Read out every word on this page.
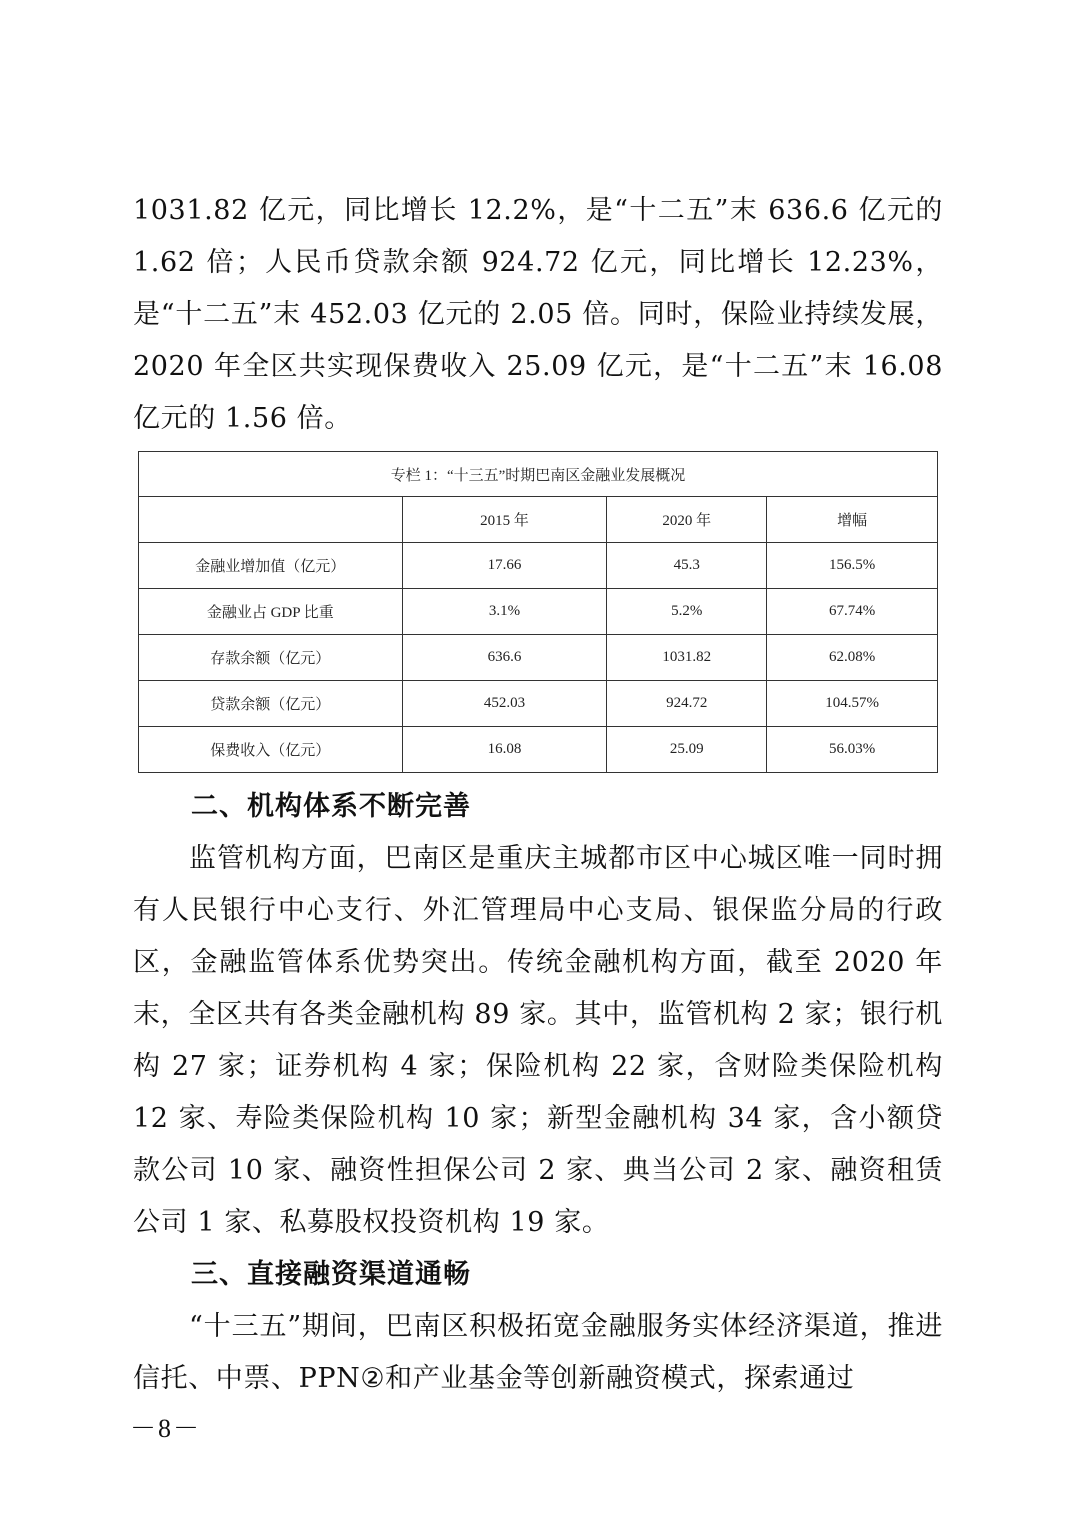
1031.82 亿元，同比增长 12.2%，是“十二五”末 636.6 亿元的 1.62 倍；人民币贷款余额 924.72 亿元，同比增长 12.23%，是“十二五”末 452.03 亿元的 2.05 倍。同时，保险业持续发展，2020 年全区共实现保费收入 25.09 亿元，是“十二五”末 16.08 亿元的 1.56 倍。

专栏 1：“十三五”时期巴南区金融业发展概况			
	2015 年	2020 年	增幅
金融业增加值（亿元）	17.66	45.3	156.5%
金融业占 GDP 比重	3.1%	5.2%	67.74%
存款余额（亿元）	636.6	1031.82	62.08%
贷款余额（亿元）	452.03	924.72	104.57%
保费收入（亿元）	16.08	25.09	56.03%
二、机构体系不断完善

监管机构方面，巴南区是重庆主城都市区中心城区唯一同时拥有人民银行中心支行、外汇管理局中心支局、银保监分局的行政区，金融监管体系优势突出。传统金融机构方面，截至 2020 年末，全区共有各类金融机构 89 家。其中，监管机构 2 家；银行机构 27 家；证券机构 4 家；保险机构 22 家，含财险类保险机构 12 家、寿险类保险机构 10 家；新型金融机构 34 家，含小额贷款公司 10 家、融资性担保公司 2 家、典当公司 2 家、融资租赁公司 1 家、私募股权投资机构 19 家。

三、直接融资渠道通畅

“十三五”期间，巴南区积极拓宽金融服务实体经济渠道，推进信托、中票、PPN②和产业基金等创新融资模式，探索通过

－8－
